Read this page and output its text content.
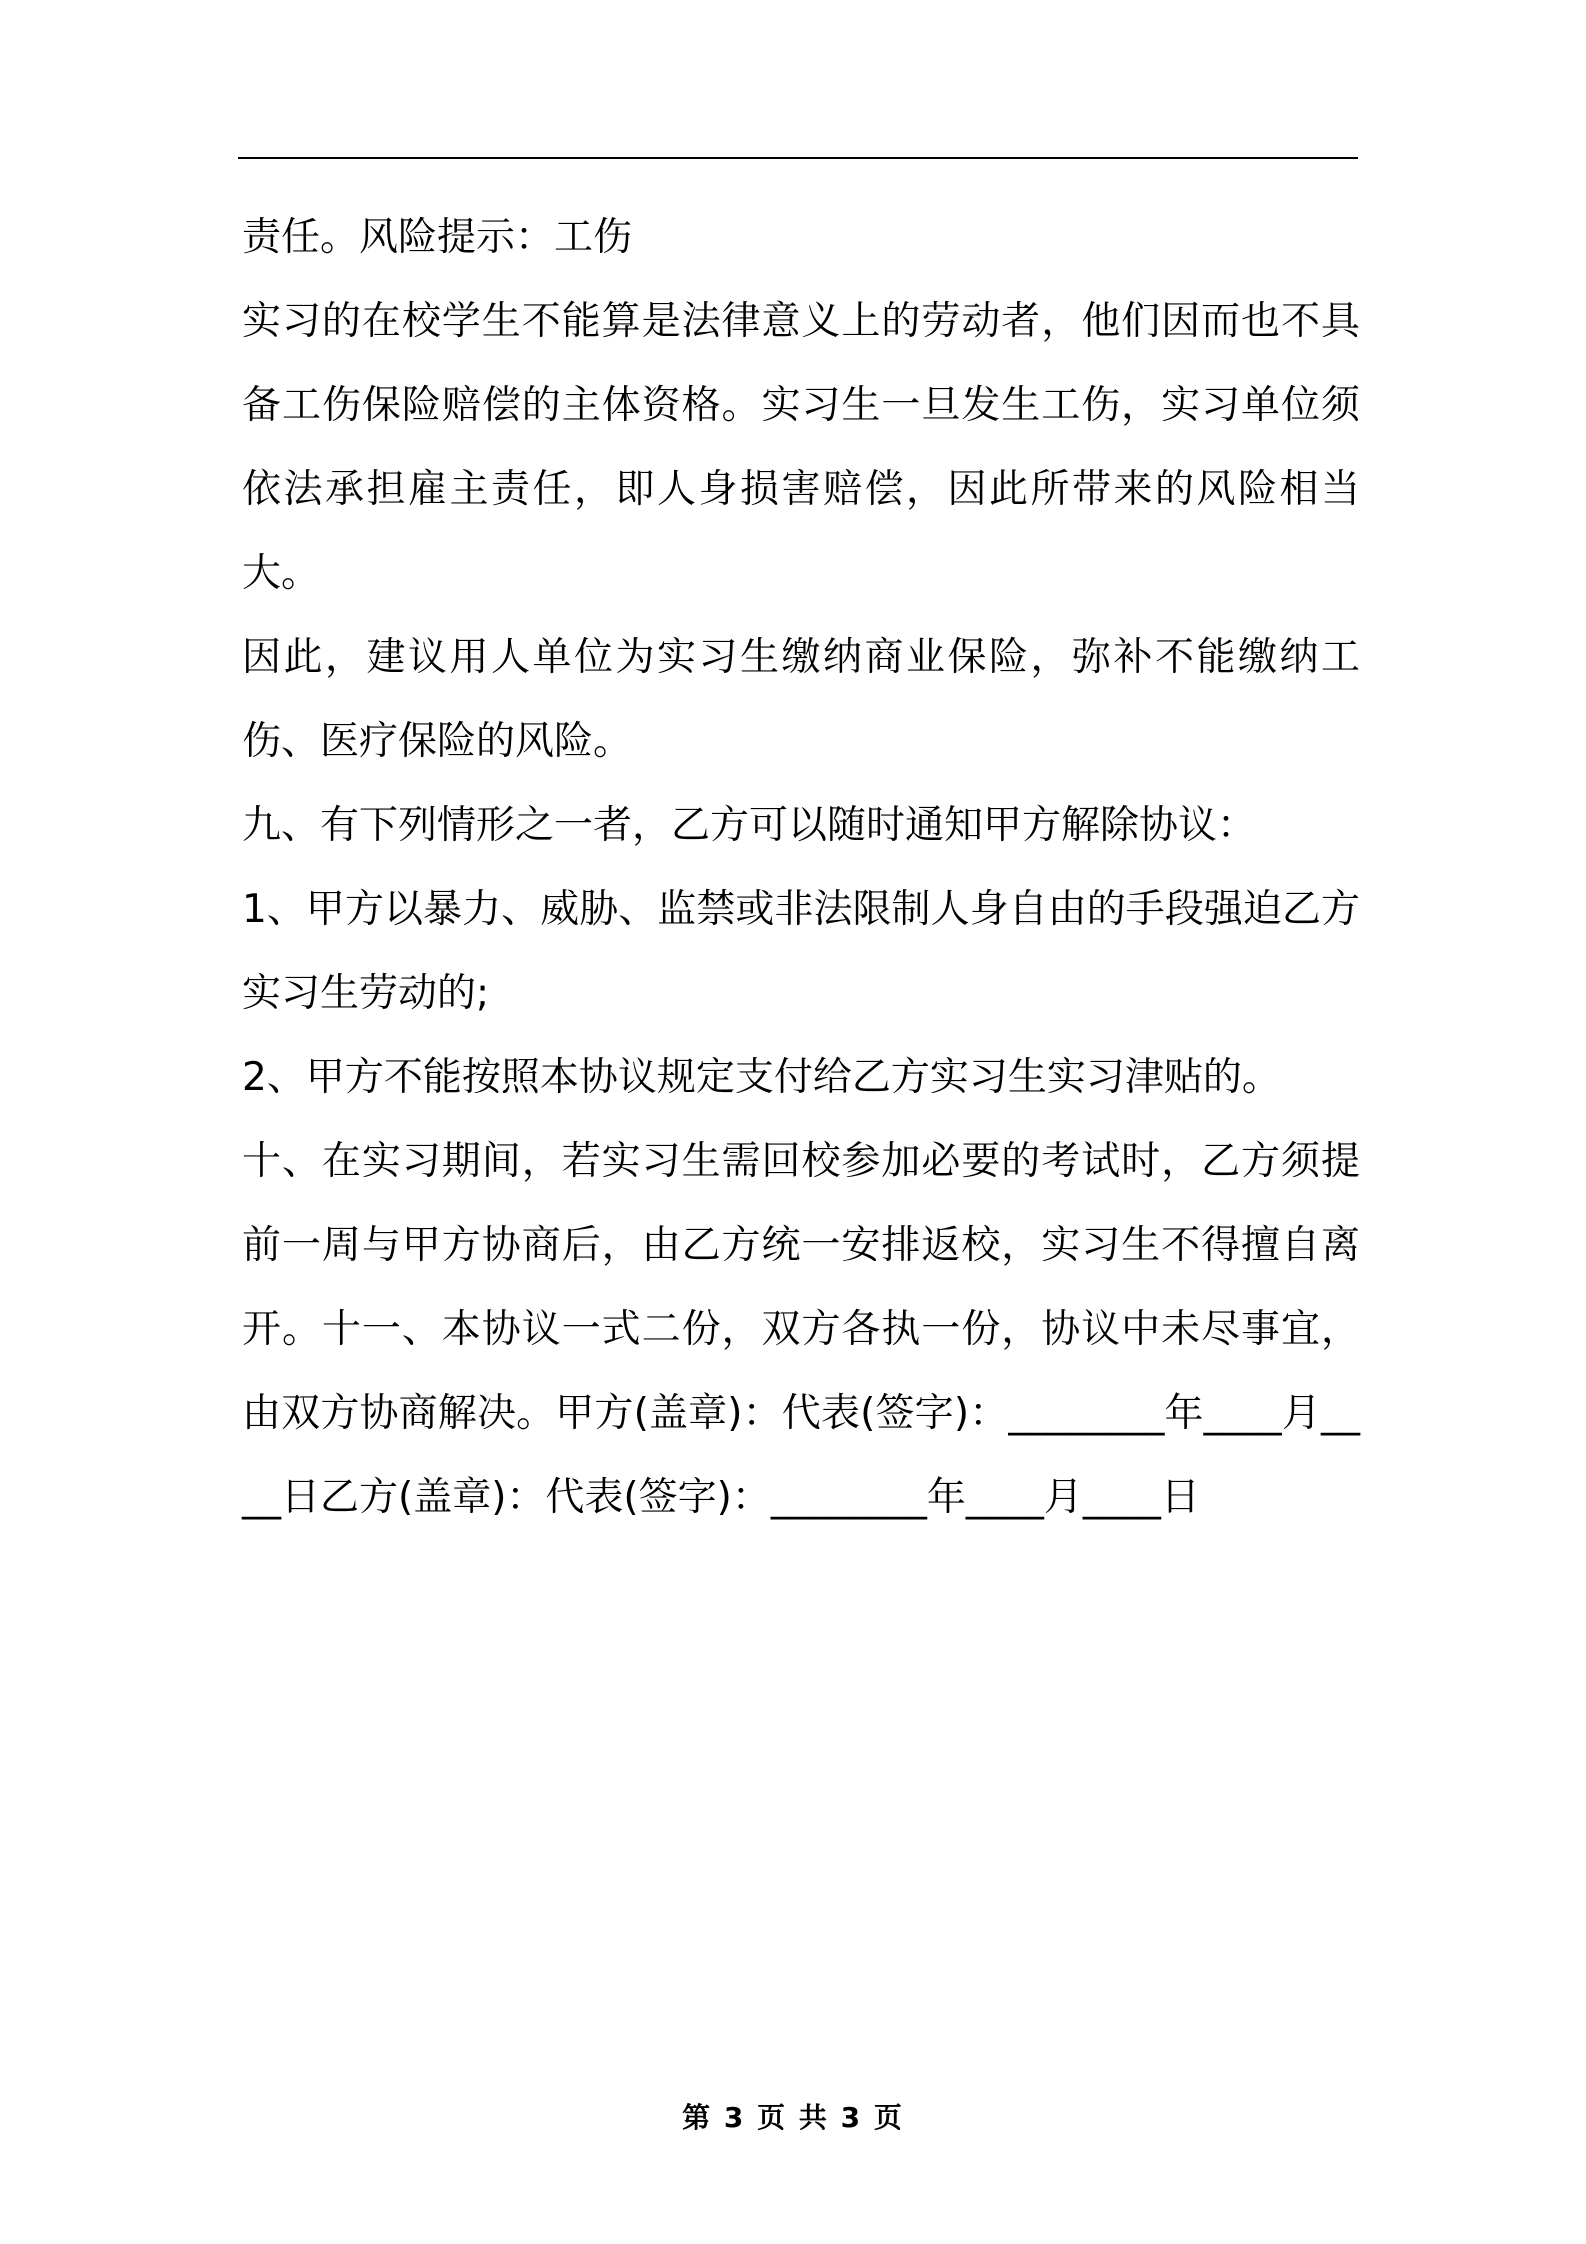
责任。风险提示：工伤

实习的在校学生不能算是法律意义上的劳动者，他们因而也不具备工伤保险赔偿的主体资格。实习生一旦发生工伤，实习单位须依法承担雇主责任，即人身损害赔偿，因此所带来的风险相当大。

因此，建议用人单位为实习生缴纳商业保险，弥补不能缴纳工伤、医疗保险的风险。

九、有下列情形之一者，乙方可以随时通知甲方解除协议：

1、甲方以暴力、威胁、监禁或非法限制人身自由的手段强迫乙方实习生劳动的;

2、甲方不能按照本协议规定支付给乙方实习生实习津贴的。

十、在实习期间，若实习生需回校参加必要的考试时，乙方须提前一周与甲方协商后，由乙方统一安排返校，实习生不得擅自离开。十一、本协议一式二份，双方各执一份，协议中未尽事宜，由双方协商解决。甲方(盖章)：代表(签字)：________年____月____日乙方(盖章)：代表(签字)：________年____月____日

第 3 页 共 3 页
